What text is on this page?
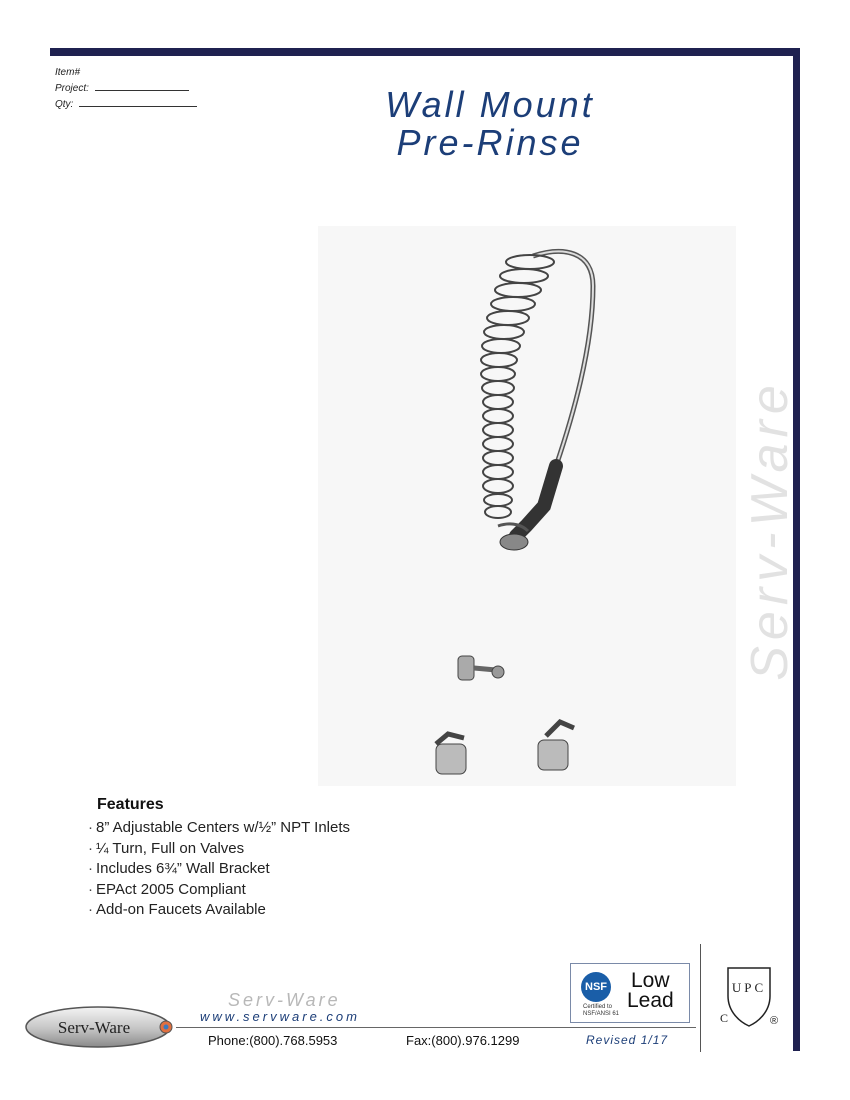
Item#
Project:
Qty:	Wall Mount
Pre-Rinse
Serv-Ware
Features
· 8” Adjustable Centers w/½” NPT Inlets
· ¼ Turn, Full on Valves
· Includes 6¾” Wall Bracket
· EPAct 2005 Compliant
· Add-on Faucets Available
Serv-Ware
Serv-Ware
www.servware.com
Phone:(800).768.5953	Fax:(800).976.1299	Revised 1/17
NSF Low
Lead
Certified to
NSF/ANSI 61
UPC
C	®
